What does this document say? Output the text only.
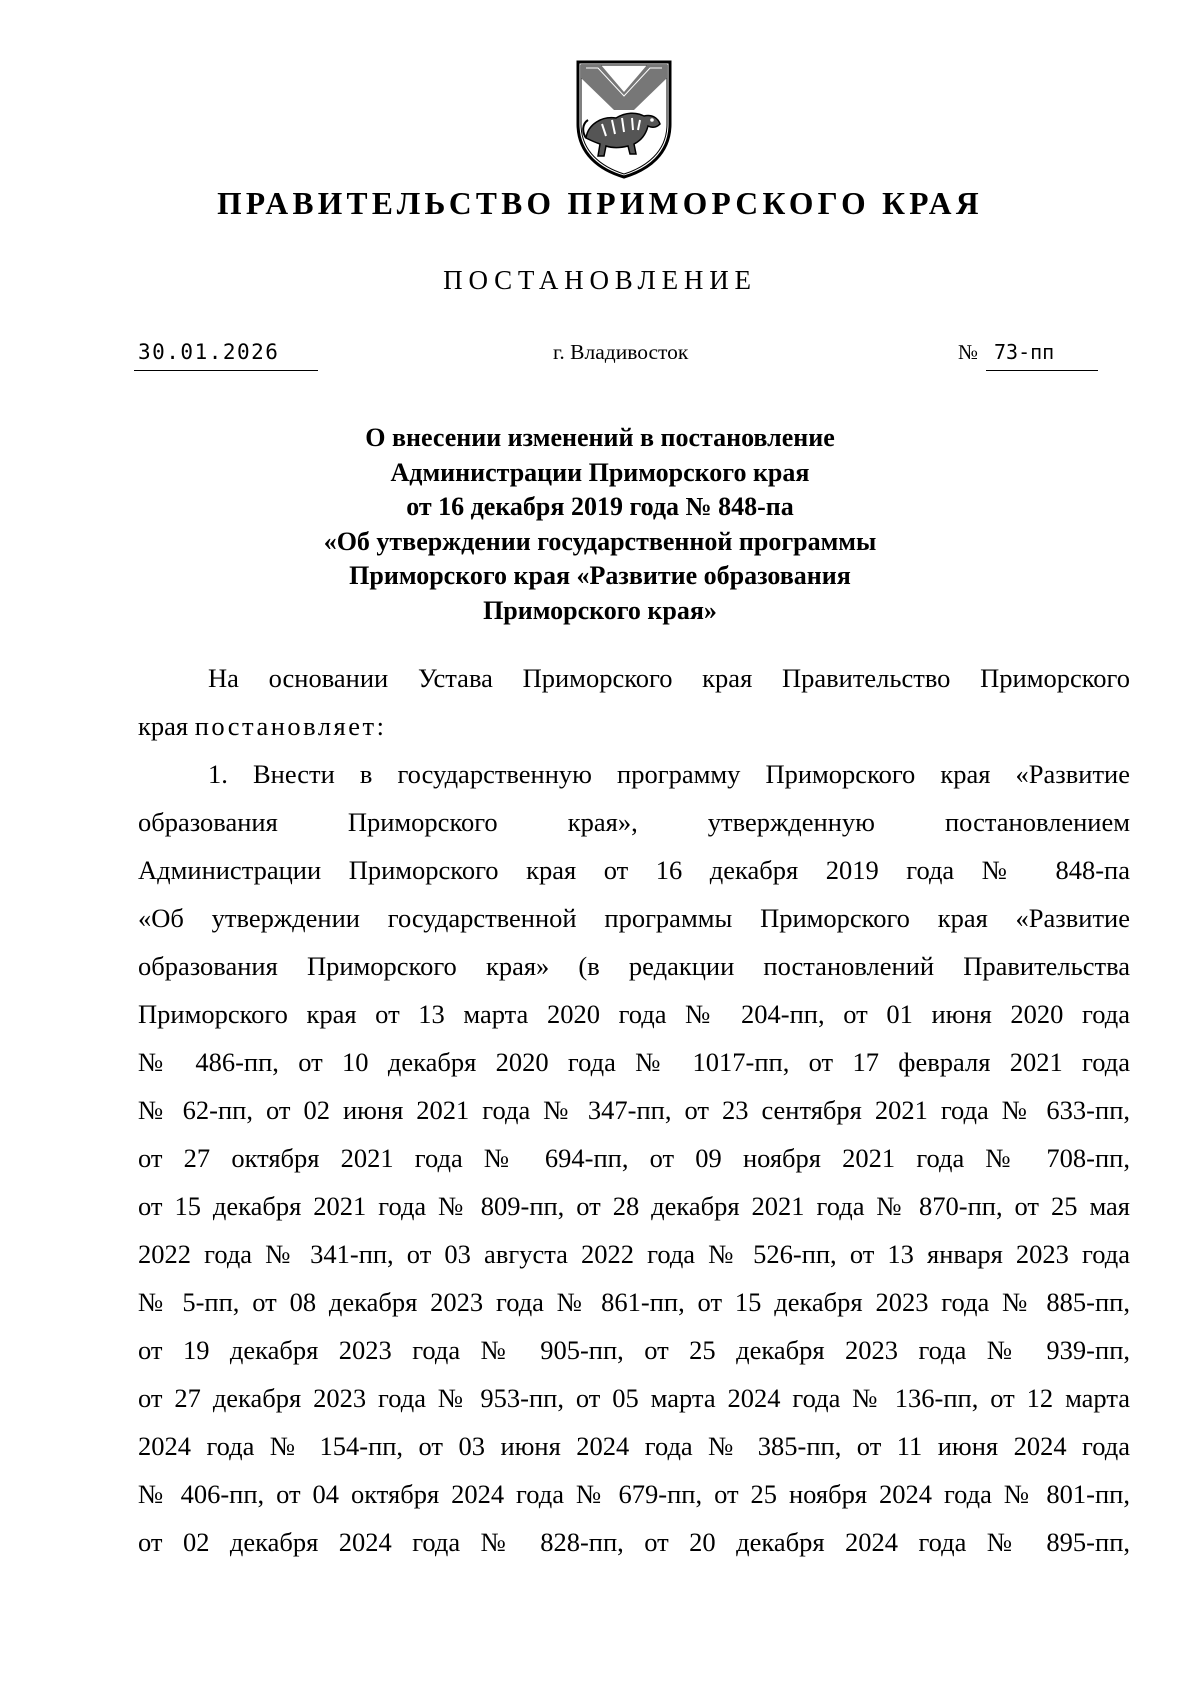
ПРАВИТЕЛЬСТВО ПРИМОРСКОГО КРАЯ
ПОСТАНОВЛЕНИЕ
30.01.2026	г. Владивосток	№ 73-пп
О внесении изменений в постановление
Администрации Приморского края
от 16 декабря 2019 года № 848-па
«Об утверждении государственной программы
Приморского края «Развитие образования
Приморского края»

На основании Устава Приморского края Правительство Приморского

края постановляет:

1. Внести в государственную программу Приморского края «Развитие

образования Приморского края», утвержденную постановлением

Администрации Приморского края от 16 декабря 2019 года № 848-па

«Об утверждении государственной программы Приморского края «Развитие

образования Приморского края» (в редакции постановлений Правительства

Приморского края от 13 марта 2020 года № 204-пп, от 01 июня 2020 года

№ 486-пп, от 10 декабря 2020 года № 1017-пп, от 17 февраля 2021 года

№ 62-пп, от 02 июня 2021 года № 347-пп, от 23 сентября 2021 года № 633-пп,

от 27 октября 2021 года № 694-пп, от 09 ноября 2021 года № 708-пп,

от 15 декабря 2021 года № 809-пп, от 28 декабря 2021 года № 870-пп, от 25 мая

2022 года № 341-пп, от 03 августа 2022 года № 526-пп, от 13 января 2023 года

№ 5-пп, от 08 декабря 2023 года № 861-пп, от 15 декабря 2023 года № 885-пп,

от 19 декабря 2023 года № 905-пп, от 25 декабря 2023 года № 939-пп,

от 27 декабря 2023 года № 953-пп, от 05 марта 2024 года № 136-пп, от 12 марта

2024 года № 154-пп, от 03 июня 2024 года № 385-пп, от 11 июня 2024 года

№ 406-пп, от 04 октября 2024 года № 679-пп, от 25 ноября 2024 года № 801-пп,

от 02 декабря 2024 года № 828-пп, от 20 декабря 2024 года № 895-пп,
